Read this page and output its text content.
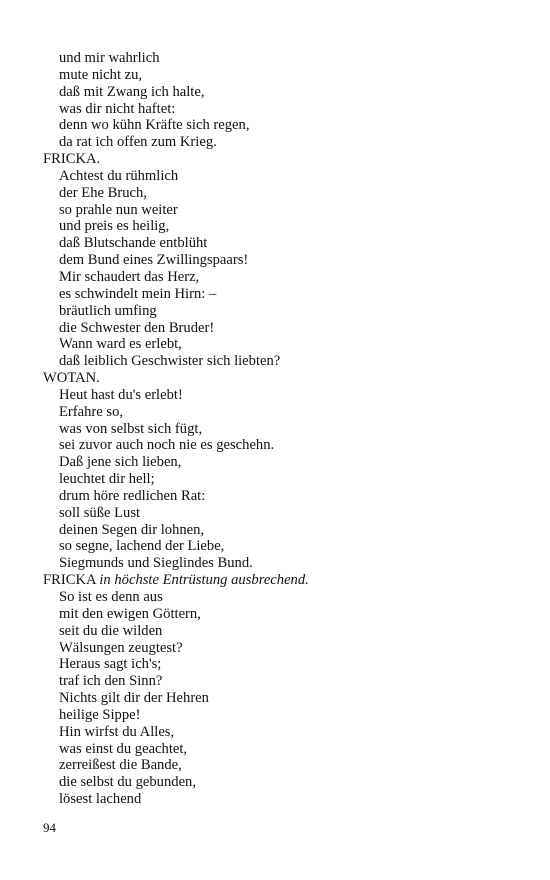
und mir wahrlich
mute nicht zu,
daß mit Zwang ich halte,
was dir nicht haftet:
denn wo kühn Kräfte sich regen,
da rat ich offen zum Krieg.
FRICKA.
Achtest du rühmlich
der Ehe Bruch,
so prahle nun weiter
und preis es heilig,
daß Blutschande entblüht
dem Bund eines Zwillingspaars!
Mir schaudert das Herz,
es schwindelt mein Hirn: –
bräutlich umfing
die Schwester den Bruder!
Wann ward es erlebt,
daß leiblich Geschwister sich liebten?
WOTAN.
Heut hast du's erlebt!
Erfahre so,
was von selbst sich fügt,
sei zuvor auch noch nie es geschehn.
Daß jene sich lieben,
leuchtet dir hell;
drum höre redlichen Rat:
soll süße Lust
deinen Segen dir lohnen,
so segne, lachend der Liebe,
Siegmunds und Sieglindes Bund.
FRICKA in höchste Entrüstung ausbrechend.
So ist es denn aus
mit den ewigen Göttern,
seit du die wilden
Wälsungen zeugtest?
Heraus sagt ich's;
traf ich den Sinn?
Nichts gilt dir der Hehren
heilige Sippe!
Hin wirfst du Alles,
was einst du geachtet,
zerreißest die Bande,
die selbst du gebunden,
lösest lachend
94
